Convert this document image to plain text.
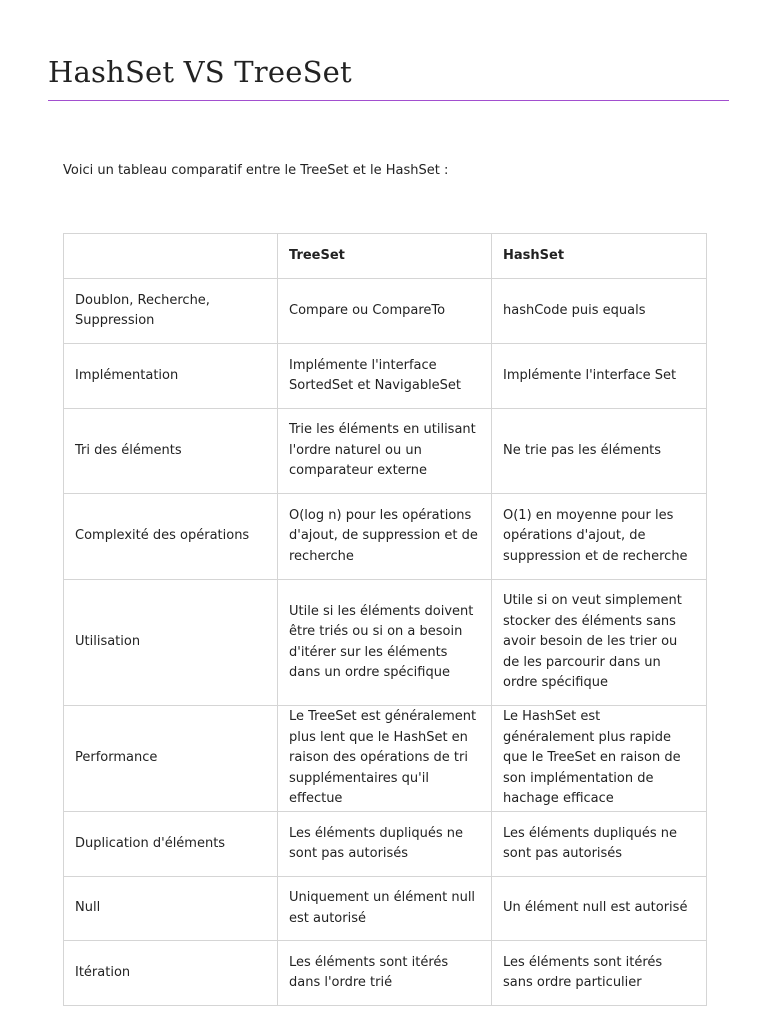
HashSet VS TreeSet

Voici un tableau comparatif entre le TreeSet et le HashSet :

	TreeSet	HashSet
Doublon, Recherche, Suppression	Compare ou CompareTo	hashCode puis equals
Implémentation	Implémente l'interface SortedSet et NavigableSet	Implémente l'interface Set
Tri des éléments	Trie les éléments en utilisant l'ordre naturel ou un comparateur externe	Ne trie pas les éléments
Complexité des opérations	O(log n) pour les opérations d'ajout, de suppression et de recherche	O(1) en moyenne pour les opérations d'ajout, de suppression et de recherche
Utilisation	Utile si les éléments doivent être triés ou si on a besoin d'itérer sur les éléments dans un ordre spécifique	Utile si on veut simplement stocker des éléments sans avoir besoin de les trier ou de les parcourir dans un ordre spécifique
Performance	Le TreeSet est généralement plus lent que le HashSet en raison des opérations de tri supplémentaires qu'il effectue	Le HashSet est généralement plus rapide que le TreeSet en raison de son implémentation de hachage efficace
Duplication d'éléments	Les éléments dupliqués ne sont pas autorisés	Les éléments dupliqués ne sont pas autorisés
Null	Uniquement un élément null est autorisé	Un élément null est autorisé
Itération	Les éléments sont itérés dans l'ordre trié	Les éléments sont itérés sans ordre particulier
